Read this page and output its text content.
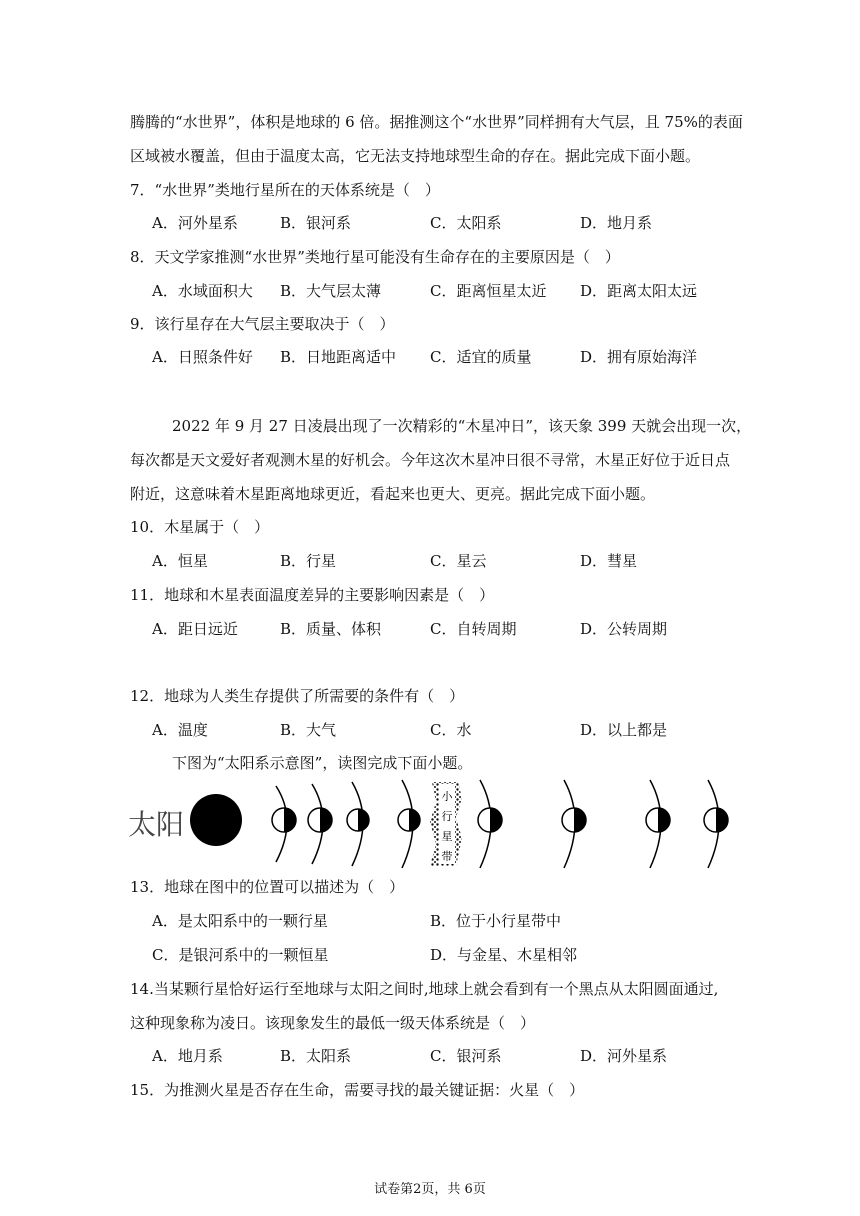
腾腾的“水世界”，体积是地球的 6 倍。据推测这个“水世界”同样拥有大气层，且 75%的表面
区域被水覆盖，但由于温度太高，它无法支持地球型生命的存在。据此完成下面小题。
7．“水世界”类地行星所在的天体系统是（　）
A．河外星系	B．银河系	C．太阳系	D．地月系
8．天文学家推测“水世界”类地行星可能没有生命存在的主要原因是（　）
A．水域面积大 B．大气层太薄	C．距离恒星太近 D．距离太阳太远
9．该行星存在大气层主要取决于（　）
A．日照条件好 B．日地距离适中 C．适宜的质量	D．拥有原始海洋
2022 年 9 月 27 日凌晨出现了一次精彩的“木星冲日”，该天象 399 天就会出现一次，
每次都是天文爱好者观测木星的好机会。今年这次木星冲日很不寻常，木星正好位于近日点
附近，这意味着木星距离地球更近，看起来也更大、更亮。据此完成下面小题。
10．木星属于（　）
A．恒星	B．行星	C．星云	D．彗星
11．地球和木星表面温度差异的主要影响因素是（　）
A．距日远近	B．质量、体积	C．自转周期	D．公转周期
12．地球为人类生存提供了所需要的条件有（　）
A．温度	B．大气	C．水	D．以上都是
下图为“太阳系示意图”，读图完成下面小题。
太阳
小
行
星
带
13．地球在图中的位置可以描述为（　）
A．是太阳系中的一颗行星	B．位于小行星带中
C．是银河系中的一颗恒星	D．与金星、木星相邻
14.当某颗行星恰好运行至地球与太阳之间时,地球上就会看到有一个黑点从太阳圆面通过,
这种现象称为凌日。该现象发生的最低一级天体系统是（　）
A．地月系	B．太阳系	C．银河系	D．河外星系
15．为推测火星是否存在生命，需要寻找的最关键证据：火星（　）
试卷第2页，共 6页
